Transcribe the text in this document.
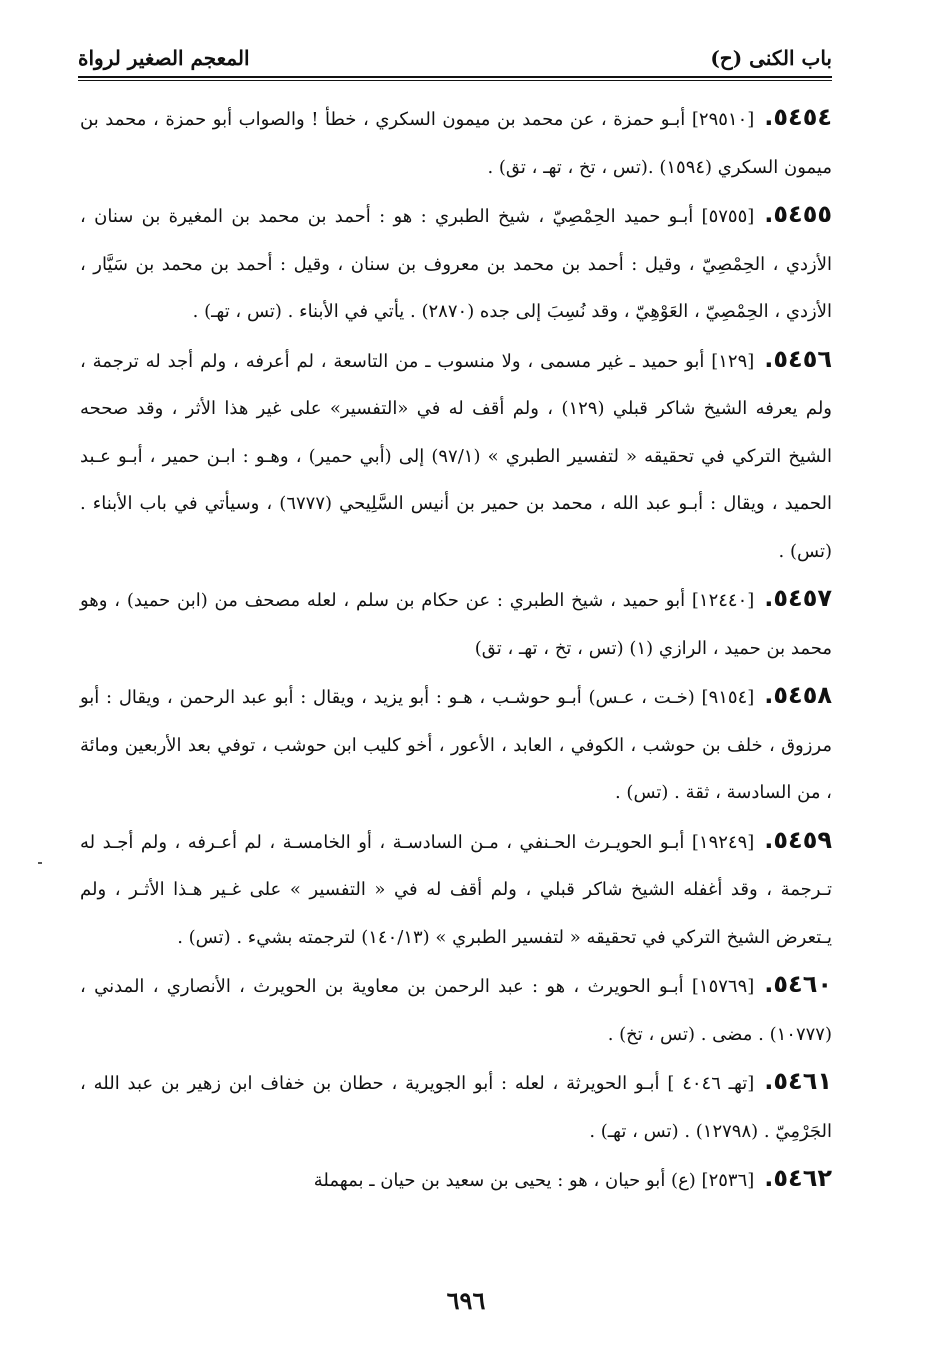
باب الكنى (ح)
المعجم الصغير لرواة

٥٤٥٤.[٢٩٥١٠] أبـو حمزة ، عن محمد بن ميمون السكري ، خطأ ! والصواب أبو حمزة ، محمد بن ميمون السكري (١٥٩٤) .(تس ، تخ ، تهـ ، تق) .

٥٤٥٥.[٥٧٥٥] أبـو حميد الحِمْصِيّ ، شيخ الطبري : هو : أحمد بن محمد بن المغيرة بن سنان ، الأزدي ، الحِمْصِيّ ، وقيل : أحمد بن محمد بن معروف بن سنان ، وقيل : أحمد بن محمد بن سَيَّار ، الأزدي ، الحِمْصِيّ ، العَوْهِيّ ، وقد نُسِبَ إلى جده (٢٨٧٠) . يأتي في الأبناء . (تس ، تهـ) .

٥٤٥٦.[١٢٩] أبو حميد ـ غير مسمى ، ولا منسوب ـ من التاسعة ، لم أعرفه ، ولم أجد له ترجمة ، ولم يعرفه الشيخ شاكر قبلي (١٢٩) ، ولم أقف له في «التفسير» على غير هذا الأثر ، وقد صححه الشيخ التركي في تحقيقه « لتفسير الطبري » (٩٧/١) إلى (أبي حمير) ، وهـو : ابـن حمير ، أبـو عـبد الحميد ، ويقال : أبـو عبد الله ، محمد بن حمير بن أنيس السَّلِيحي (٦٧٧٧) ، وسيأتي في باب الأبناء . (تس) .

٥٤٥٧.[١٢٤٤٠] أبو حميد ، شيخ الطبري : عن حكام بن سلم ، لعله مصحف من (ابن حميد) ، وهو محمد بن حميد ، الرازي (١) (تس ، تخ ، تهـ ، تق)

٥٤٥٨.[٩١٥٤] (خـت ، عـس) أبـو حوشـب ، هـو : أبو يزيد ، ويقال : أبو عبد الرحمن ، ويقال : أبو مرزوق ، خلف بن حوشب ، الكوفي ، العابد ، الأعور ، أخو كليب ابن حوشب ، توفي بعد الأربعين ومائة ، من السادسة ، ثقة . (تس) .

٥٤٥٩.[١٩٢٤٩] أبـو الحويـرث الحـنفي ، مـن السادسـة ، أو الخامسـة ، لم أعـرفه ، ولم أجـد له تـرجمة ، وقد أغفله الشيخ شاكر قبلي ، ولم أقف له في « التفسير » على غـير هـذا الأثـر ، ولم يـتعرض الشيخ التركي في تحقيقه « لتفسير الطبري » (١٤٠/١٣) لترجمته بشيء . (تس) .

٥٤٦٠.[١٥٧٦٩] أبـو الحويرث ، هو : عبد الرحمن بن معاوية بن الحويرث ، الأنصاري ، المدني ، (١٠٧٧٧) . مضى . (تس ، تخ) .

٥٤٦١.[تهـ ٤٠٤٦ ] أبـو الحويرثة ، لعله : أبو الجويرية ، حطان بن خفاف ابن زهير بن عبد الله ، الجَرْمِيّ . (١٢٧٩٨) . (تس ، تهـ) .

٥٤٦٢.[٢٥٣٦] (ع) أبو حيان ، هو : يحيى بن سعيد بن حيان ـ بمهملة

٦٩٦
